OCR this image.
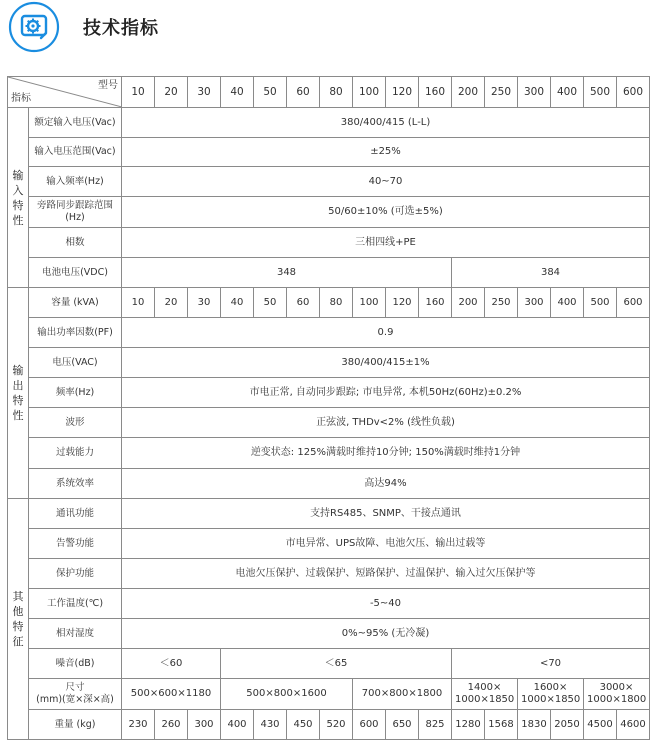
技术指标
型号
指标		10	20	30	40	50	60	80	100	120	160	200	250	300	400	500	600
输
入
特
性	额定输入电压(Vac)	380/400/415 (L-L)															
	输入电压范围(Vac)	±25%															
	输入频率(Hz)	40~70															
	旁路同步跟踪范围(Hz)	50/60±10% (可选±5%)															
	相数	三相四线+PE															
	电池电压(VDC)	348										384					
输
出
特
性	容量 (kVA)	10	20	30	40	50	60	80	100	120	160	200	250	300	400	500	600
	输出功率因数(PF)	0.9															
	电压(VAC)	380/400/415±1%															
	频率(Hz)	市电正常, 自动同步跟踪; 市电异常, 本机50Hz(60Hz)±0.2%															
	波形	正弦波, THDv<2% (线性负载)															
	过载能力	逆变状态: 125%满载时维持10分钟; 150%满载时维持1分钟															
	系统效率	高达94%															
其
他
特
征	通讯功能	支持RS485、SNMP、干接点通讯															
	告警功能	市电异常、UPS故障、电池欠压、输出过载等															
	保护功能	电池欠压保护、过载保护、短路保护、过温保护、输入过欠压保护等															
	工作温度(℃)	-5~40															
	相对湿度	0%~95% (无冷凝)															
	噪音(dB)	＜60			＜65							<70					
	尺寸
(mm)(宽×深×高)	500×600×1180			500×800×1600				700×800×1800			1400×
1000×1850		1600×
1000×1850		3000×
1000×1800	
	重量 (kg)	230	260	300	400	430	450	520	600	650	825	1280	1568	1830	2050	4500	4600
